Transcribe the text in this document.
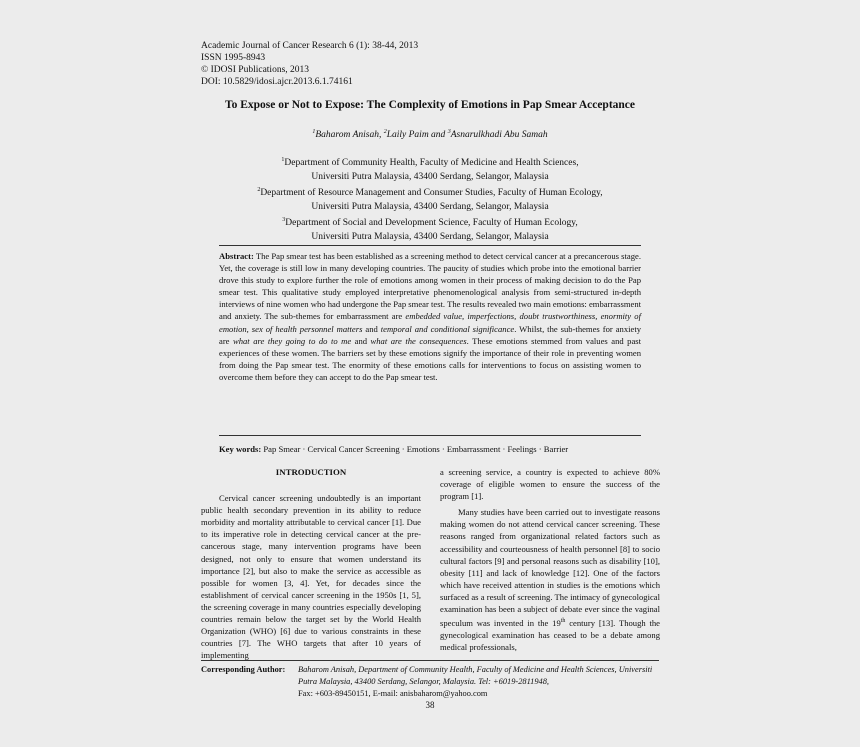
Academic Journal of Cancer Research 6 (1): 38-44, 2013
ISSN 1995-8943
© IDOSI Publications, 2013
DOI: 10.5829/idosi.ajcr.2013.6.1.74161
To Expose or Not to Expose: The Complexity of Emotions in Pap Smear Acceptance
$^1$Baharom Anisah, $^2$Laily Paim and $^3$Asnarulkhadi Abu Samah
$^1$Department of Community Health, Faculty of Medicine and Health Sciences,
Universiti Putra Malaysia, 43400 Serdang, Selangor, Malaysia
$^2$Department of Resource Management and Consumer Studies, Faculty of Human Ecology,
Universiti Putra Malaysia, 43400 Serdang, Selangor, Malaysia
$^3$Department of Social and Development Science, Faculty of Human Ecology,
Universiti Putra Malaysia, 43400 Serdang, Selangor, Malaysia
Abstract: The Pap smear test has been established as a screening method to detect cervical cancer at a precancerous stage. Yet, the coverage is still low in many developing countries. The paucity of studies which probe into the emotional barrier drove this study to explore further the role of emotions among women in their process of making decision to do the Pap smear test. This qualitative study employed interpretative phenomenological analysis from semi-structured in-depth interviews of nine women who had undergone the Pap smear test. The results revealed two main emotions: embarrassment and anxiety. The sub-themes for embarrassment are embedded value, imperfections, doubt trustworthiness, enormity of emotion, sex of health personnel matters and temporal and conditional significance. Whilst, the sub-themes for anxiety are what are they going to do to me and what are the consequences. These emotions stemmed from values and past experiences of these women. The barriers set by these emotions signify the importance of their role in preventing women from doing the Pap smear test. The enormity of these emotions calls for interventions to focus on assisting women to overcome them before they can accept to do the Pap smear test.
Key words: Pap Smear · Cervical Cancer Screening · Emotions · Embarrassment · Feelings · Barrier
INTRODUCTION

Cervical cancer screening undoubtedly is an important public health secondary prevention in its ability to reduce morbidity and mortality attributable to cervical cancer [1]. Due to its imperative role in detecting cervical cancer at the pre-cancerous stage, many intervention programs have been designed, not only to ensure that women understand its importance [2], but also to make the service as accessible as possible for women [3, 4]. Yet, for decades since the establishment of cervical cancer screening in the 1950s [1, 5], the screening coverage in many countries especially developing countries remain below the target set by the World Health Organization (WHO) [6] due to various constraints in these countries [7]. The WHO targets that after 10 years of implementing

a screening service, a country is expected to achieve 80% coverage of eligible women to ensure the success of the program [1].

Many studies have been carried out to investigate reasons making women do not attend cervical cancer screening. These reasons ranged from organizational related factors such as accessibility and courteousness of health personnel [8] to socio cultural factors [9] and personal reasons such as disability [10], obesity [11] and lack of knowledge [12]. One of the factors which have received attention in studies is the emotions which surfaced as a result of screening. The intimacy of gynecological examination has been a subject of debate ever since the vaginal speculum was invented in the 19th century [13]. Though the gynecological examination has ceased to be a debate among medical professionals,

Corresponding Author: Baharom Anisah, Department of Community Health, Faculty of Medicine and Health Sciences, Universiti Putra Malaysia, 43400 Serdang, Selangor, Malaysia. Tel: +6019-2811948,
Fax: +603-89450151, E-mail: anisbaharom@yahoo.com
38
